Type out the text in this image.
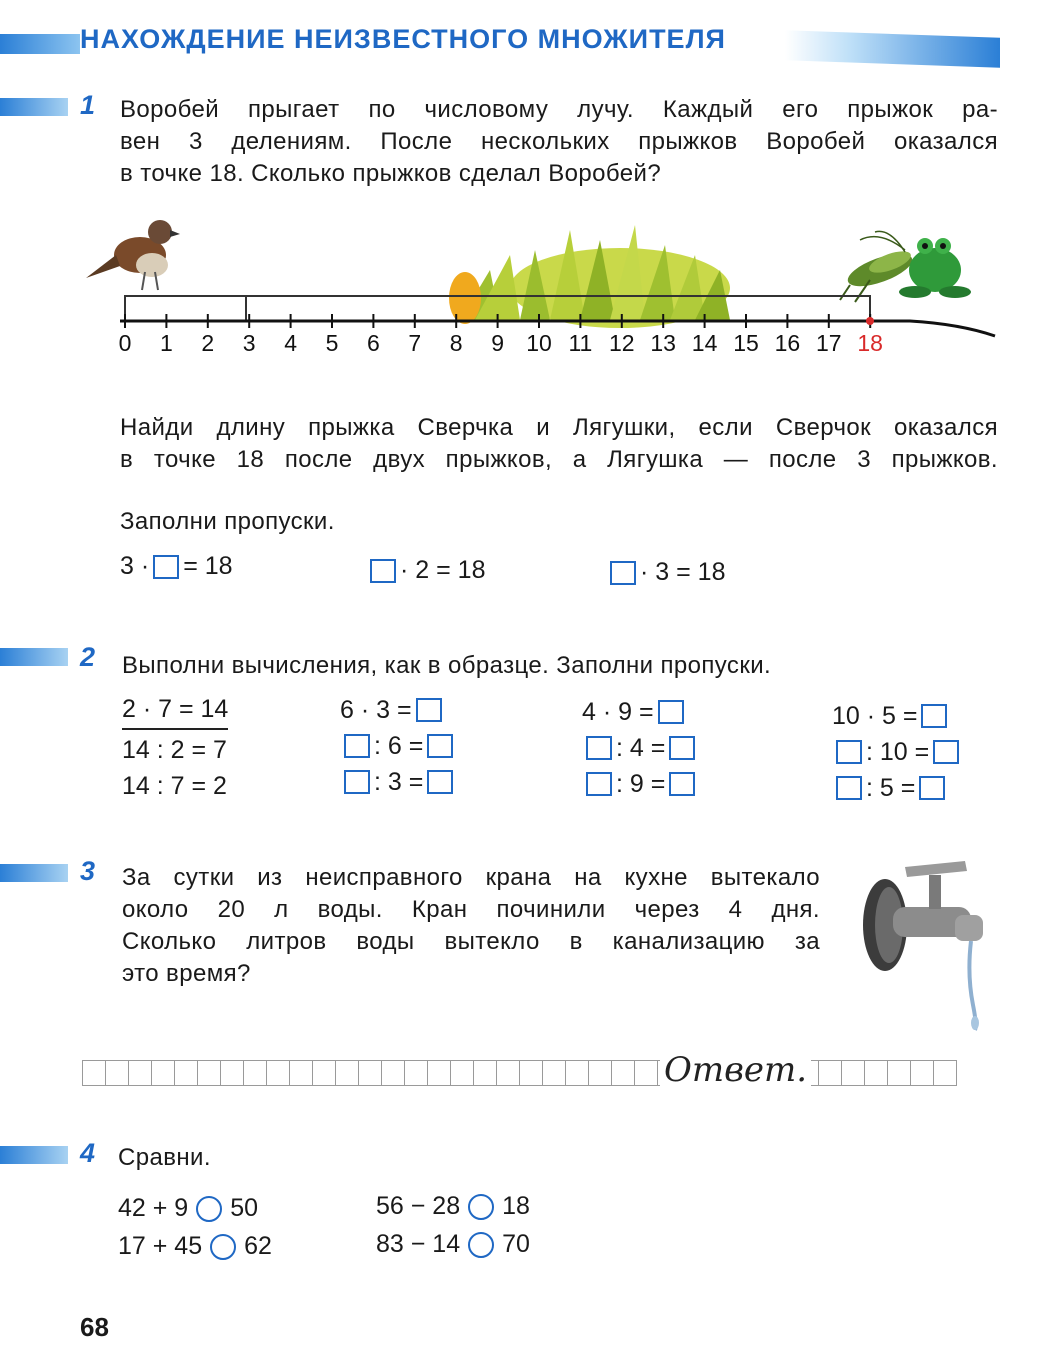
НАХОЖДЕНИЕ НЕИЗВЕСТНОГО МНОЖИТЕЛЯ
1 Воробей прыгает по числовому лучу. Каждый его прыжок ра-
вен 3 делениям. После нескольких прыжков Воробей оказался
в точке 18. Сколько прыжков сделал Воробей?
0	1	2	3	4	5	6	7	8	9 10 11 12 13 14 15 16 17 18
Найди длину прыжка Сверчка и Лягушки, если Сверчок оказался
в точке 18 после двух прыжков, а Лягушка — после 3 прыжков.
Заполни пропуски.
3 · = 18	· 2 = 18	· 3 = 18
2 Выполни вычисления, как в образце. Заполни пропуски.
2 · 7 = 14
14 : 2 = 7
14 : 7 = 2
6 · 3 =
: 6 =
: 3 =
4 · 9 =
: 4 =
: 9 =
10 · 5 =
: 10 =
: 5 =
3 За сутки из неисправного крана на кухне вытекало
около 20 л воды. Кран починили через 4 дня.
Сколько литров воды вытекло в канализацию за
это время?
Ответ.
4 Сравни.
42 + 9 50
17 + 45 62
56 − 28 18
83 − 14 70
68
